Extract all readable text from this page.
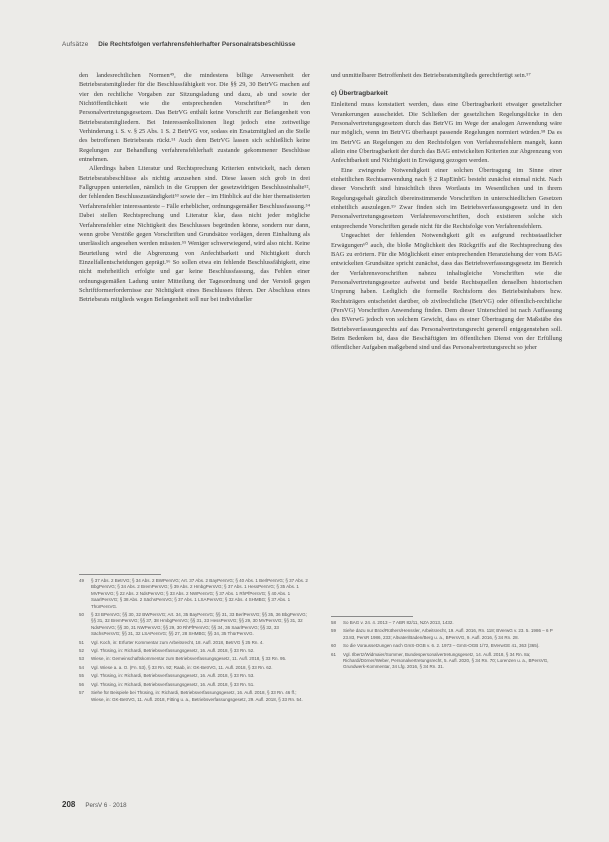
Aufsätze Die Rechtsfolgen verfahrensfehlerhafter Personalratsbeschlüsse

den landesrechtlichen Normen⁴⁹, die mindestens billige Anwesenheit der Betriebsratsmitglieder für die Beschlussfähigkeit vor. Die §§ 29, 30 BetrVG machen auf vier den rechtliche Vorgaben zur Sitzungsladung und dazu, ab und sowie der Nichtöffentlichkeit wie die entsprechenden Vorschriften⁵⁰ in den Personalvertretungsgesetzen. Das BetrVG enthält keine Vorschrift zur Befangenheit von Betriebsratsmitgliedern. Bei Interessenkollisionen liegt jedoch eine zeitweilige Verhinderung i. S. v. § 25 Abs. 1 S. 2 BetrVG vor, sodass ein Ersatzmitglied an die Stelle des betroffenen Betriebsrats rückt.⁵¹ Auch dem BetrVG lassen sich schließlich keine Regelungen zur Behandlung verfahrensfehlerhaft zustande gekommener Beschlüsse entnehmen.

Allerdings haben Literatur und Rechtsprechung Kriterien entwickelt, nach denen Betriebsratsbeschlüsse als nichtig anzusehen sind. Diese lassen sich grob in drei Fallgruppen unterteilen, nämlich in die Gruppen der gesetzwidrigen Beschlussinhalte⁵², der fehlenden Beschlusszuständigkeit⁵³ sowie der – im Hinblick auf die hier thematisierten Verfahrensfehler interessanteste – Fälle erheblicher, ordnungsgemäßer Beschlussfassung.⁵⁴ Dabei stellen Rechtsprechung und Literatur klar, dass nicht jeder mögliche Verfahrensfehler eine Nichtigkeit des Beschlusses begründen könne, sondern nur dann, wenn grobe Verstöße gegen Vorschriften und Grundsätze vorlägen, deren Einhaltung als unerlässlich angesehen werden müssten.⁵⁵ Weniger schwerwiegend, wird also nicht. Keine Beurteilung wird die Abgrenzung von Anfechtbarkeit und Nichtigkeit durch Einzelfallentscheidungen geprägt.⁵⁶ So sollen etwa ein fehlende Beschlussfähigkeit, eine nicht mehrheitlich erfolgte und gar keine Beschlussfassung, das Fehlen einer ordnungsgemäßen Ladung unter Mitteilung der Tagesordnung und der Verstoß gegen Schriftformerfordernisse zur Nichtigkeit eines Beschlusses führen. Der Abschluss eines Betriebsrats mitglieds wegen Befangenheit soll nur bei individueller

und unmittelbarer Betroffenheit des Betriebsratsmitglieds gerechtfertigt sein.⁵⁷

c) Übertragbarkeit

Einleitend muss konstatiert werden, dass eine Übertragbarkeit etwaiger gesetzlicher Verankerungen ausscheidet. Die Schließen der gesetzlichen Regelungslücke in den Personalvertretungsgesetzen durch das BetrVG im Wege der analogen Anwendung wäre nur möglich, wenn im BetrVG überhaupt passende Regelungen normiert würden.⁵⁸ Da es im BetrVG an Regelungen zu den Rechtsfolgen von Verfahrensfehlern mangelt, kann allein eine Übertragbarkeit der durch das BAG entwickelten Kriterien zur Abgrenzung von Anfechtbarkeit und Nichtigkeit in Erwägung gezogen werden.

Eine zwingende Notwendigkeit einer solchen Übertragung im Sinne einer einheitlichen Rechtsanwendung nach § 2 RspEinhG besteht zunächst einmal nicht. Nach dieser Vorschrift sind hinsichtlich ihres Wortlauts im Wesentlichen und in ihrem Regelungsgehalt gänzlich übereinstimmende Vorschriften in unterschiedlichen Gesetzen einheitlich auszulegen.⁵⁹ Zwar finden sich im Betriebsverfassungsgesetz und in den Personalvertretungsgesetzen Verfahrensvorschriften, doch existieren solche sich entsprechende Vorschriften gerade nicht für die Rechtsfolge von Verfahrensfehlern.

Ungeachtet der fehlenden Notwendigkeit gilt es aufgrund rechtsstaatlicher Erwägungen⁶⁰ auch, die bloße Möglichkeit des Rückgriffs auf die Rechtsprechung des BAG zu erörtern. Für die Möglichkeit einer entsprechenden Heranziehung der vom BAG entwickelten Grundsätze spricht zunächst, dass das Betriebsverfassungsgesetz im Bereich der Verfahrensvorschriften nahezu inhaltsgleiche Vorschriften wie die Personalvertretungsgesetze aufweist und beide Rechtsquellen denselben historischen Ursprung haben. Lediglich die formelle Rechtsform des Betriebsinhabers bzw. Rechtsträgers entscheidet darüber, ob zivilrechtliche (BetrVG) oder öffentlich-rechtliche (PersVG) Vorschriften Anwendung finden. Dem dieser Unterschied ist nach Auffassung des BVerwG jedoch von solchem Gewicht, dass es einer Übertragung der Maßstäbe des Betriebsverfassungsrechts auf das Personalvertretungsrecht generell entgegenstehen soll. Beim Bedenken ist, dass die Beschäftigten im öffentlichen Dienst von der Erfüllung öffentlicher Aufgaben maßgebend sind und das Personalvertretungsrecht so jeher

49	§ 37 Abs. 2 BetrVG; § 34 Abs. 2 BWPersVG; Art. 37 Abs. 2 BayPersVG; § 40 Abs. 1 BerlPersVG; § 37 Abs. 2 BbgPersVG; § 34 Abs. 2 BremPersVG; § 39 Abs. 2 HmbgPersVG; § 37 Abs. 1 HessPersVG; § 35 Abs. 1 MVPersVG; § 22 Abs. 2 NdsPersVG; § 33 Abs. 2 NWPersVG; § 37 Abs. 1 RhPfPersVG; § 40 Abs. 1 SaarlPersVG; § 38 Abs. 2 SächsPersVG; § 37 Abs. 1 LSAPersVG; § 32 Abs. 4 SHMBG; § 37 Abs. 1 ThürPersVG.
50	§ 33 BPersVG; §§ 30, 32 BWPersVG; Art. 34, 35 BayPersVG; §§ 31, 33 BerlPersVG; §§ 35, 36 BbgPersVG; §§ 31, 32 BremPersVG; §§ 37, 38 HmbgPersVG; §§ 31, 33 HessPersVG; §§ 29, 30 MVPersVG; §§ 31, 32 NdsPersVG; §§ 30, 31 NWPersVG; §§ 29, 30 RhPfPersVG; §§ 34, 36 SaarlPersVG; §§ 32, 33 SächsPersVG; §§ 31, 32 LSAPersVG; §§ 27, 28 SHMBG; §§ 34, 35 ThürPersVG.
51	Vgl. Koch, in: Erfurter Kommentar zum Arbeitsrecht, 18. Aufl. 2018, BetrVG § 25 Rn. 4.
52	Vgl. Thüsing, in: Richardi, Betriebsverfassungsgesetz, 16. Aufl. 2018, § 33 Rn. 52.
53	Wiese, in: Gemeinschaftskommentar zum Betriebsverfassungsgesetz, 11. Aufl. 2018, § 33 Rn. 95.
54	Vgl. Wiese a. a. O. (Fn. 53), § 33 Rn. 92; Raab, in: GK-BetrVG, 11. Aufl. 2018, § 33 Rn. 62.
55	Vgl. Thüsing, in: Richardi, Betriebsverfassungsgesetz, 16. Aufl. 2018, § 33 Rn. 53.
56	Vgl. Thüsing, in: Richardi, Betriebsverfassungsgesetz, 16. Aufl. 2018, § 33 Rn. 51.
57	Siehe für Beispiele bei Thüsing, in: Richardi, Betriebsverfassungsgesetz, 16. Aufl. 2018, § 33 Rn. 46 ff.; Wiese, in: GK-BetrVG, 11. Aufl. 2018, Fitting u. a., Betriebsverfassungsgesetz, 29. Aufl. 2018, § 33 Rn. 54.
58	So BAG v. 24. 4. 2013 – 7 ABR 82/11, NZA 2013, 1432.
59	Siehe dazu nur Brox/Rüthers/Henssler, Arbeitsrecht, 19. Aufl. 2016, Rn. 118; BVerwG v. 23. 5. 1986 – 6 P 23.83, PersR 1986, 233; Altvater/Baden/Berg u. a., BPersVG, 9. Aufl. 2016, § 34 Rn. 28.
60	So die Voraussetzungen nach GmS-OGB v. 6. 2. 1973 – GmS-OGB 1/72, BVerwGE 41, 363 (365).
61	Vgl. Ilbertz/Widmaier/Sommer, Bundespersonalvertretungsgesetz, 14. Aufl. 2018, § 34 Rn. 8a; Richardi/Dörner/Weber, Personalvertretungsrecht, 5. Aufl. 2020, § 34 Rn. 70; Lorenzen u. a., BPersVG, Grundwerk-Kommentar, 34 Lfg. 2016, § 34 Rn. 31.
208 PersV 6 · 2018
